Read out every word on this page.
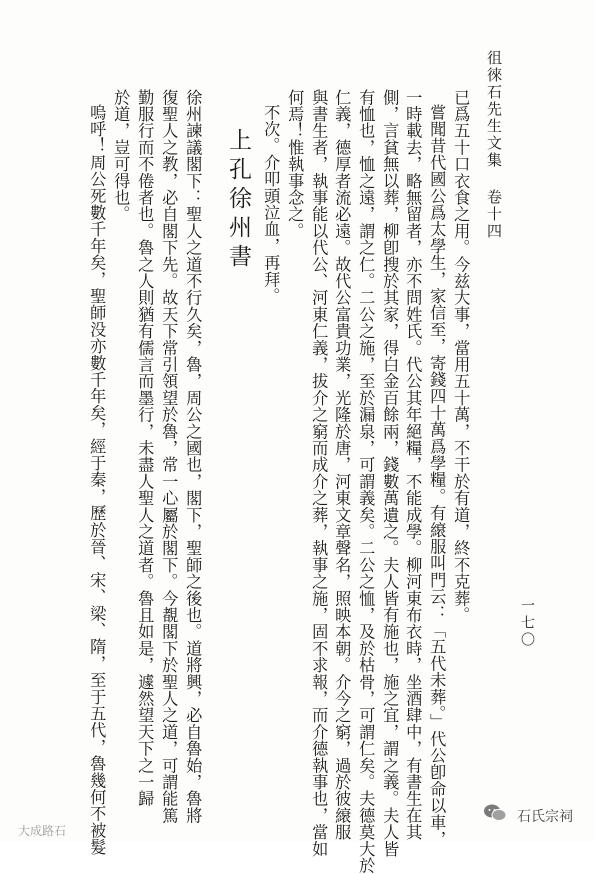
徂徠石先生文集 卷十四
一七〇
已爲五十口衣食之用。今兹大事，當用五十萬，不干於有道，終不克葬。
嘗聞昔代國公爲太學生，家信至，寄錢四十萬爲學糧。有縗服叫門云：「五代未葬。」代公卽命以車，
一時載去，略無留者，亦不問姓氏。代公其年絕糧，不能成學。柳河東布衣時，坐酒肆中，有書生在其
側，言貧無以葬，柳卽搜於其家，得白金百餘兩，錢數萬遺之。夫人皆有施也，施之宜，謂之義。夫人皆
有恤也，恤之遠，謂之仁。二公之施，至於漏泉，可謂義矣。二公之恤，及於枯骨，可謂仁矣。夫德莫大於
仁義，德厚者流必遠。故代公富貴功業，光隆於唐，河東文章聲名，照映本朝。介今之窮，過於彼縗服
與書生者，執事能以代公、河東仁義，拔介之窮而成介之葬，執事之施，固不求報，而介德執事也，當如
何焉！惟執事念之。
不次。介叩頭泣血，再拜。
上孔徐州書
徐州諫議閣下：聖人之道不行久矣，魯，周公之國也，閣下，聖師之後也。道將興，必自魯始，魯將
復聖人之教，必自閣下先。故天下常引領望於魯，常一心屬於閣下。今覩閣下於聖人之道，可謂能篤
勤服行而不倦者也。魯之人則猶有儒言而墨行，未盡人聖人之道者。魯且如是，遽然望天下之一歸
於道，豈可得也。
嗚呼！周公死數千年矣，聖師没亦數千年矣，經于秦，歷於晉、宋、梁、隋，至于五代，魯幾何不被髮
大成路石
石氏宗祠
